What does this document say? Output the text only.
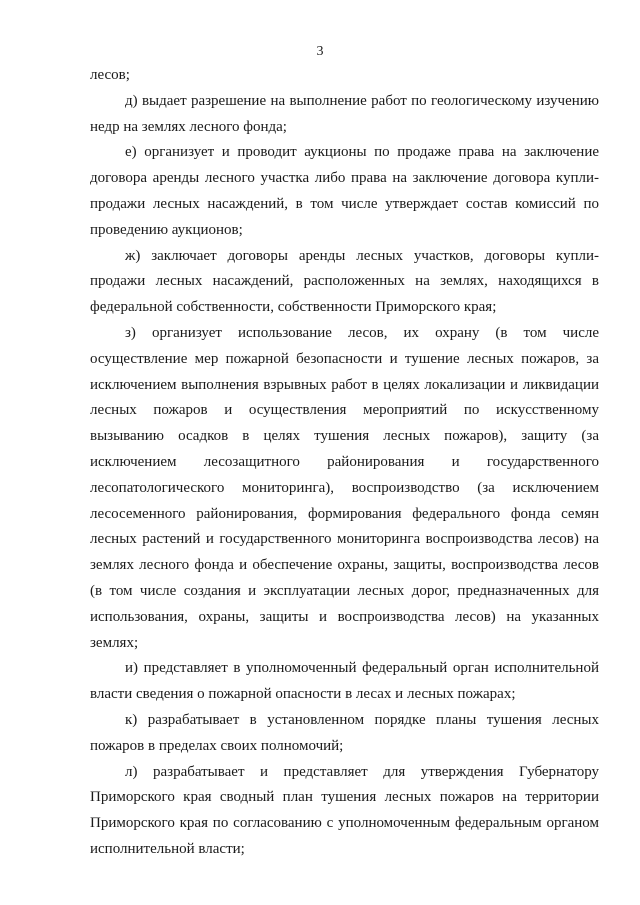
3

лесов;

д) выдает разрешение на выполнение работ по геологическому изучению недр на землях лесного фонда;

е) организует и проводит аукционы по продаже права на заключение договора аренды лесного участка либо права на заключение договора купли-продажи лесных насаждений, в том числе утверждает состав комиссий по проведению аукционов;

ж) заключает договоры аренды лесных участков, договоры купли-продажи лесных насаждений, расположенных на землях, находящихся в федеральной собственности, собственности Приморского края;

з) организует использование лесов, их охрану (в том числе осуществление мер пожарной безопасности и тушение лесных пожаров, за исключением выполнения взрывных работ в целях локализации и ликвидации лесных пожаров и осуществления мероприятий по искусственному вызыванию осадков в целях тушения лесных пожаров), защиту (за исключением лесозащитного районирования и государственного лесопатологического мониторинга), воспроизводство (за исключением лесосеменного районирования, формирования федерального фонда семян лесных растений и государственного мониторинга воспроизводства лесов) на землях лесного фонда и обеспечение охраны, защиты, воспроизводства лесов (в том числе создания и эксплуатации лесных дорог, предназначенных для использования, охраны, защиты и воспроизводства лесов) на указанных землях;

и) представляет в уполномоченный федеральный орган исполнительной власти сведения о пожарной опасности в лесах и лесных пожарах;

к) разрабатывает в установленном порядке планы тушения лесных пожаров в пределах своих полномочий;

л) разрабатывает и представляет для утверждения Губернатору Приморского края сводный план тушения лесных пожаров на территории Приморского края по согласованию с уполномоченным федеральным органом исполнительной власти;
